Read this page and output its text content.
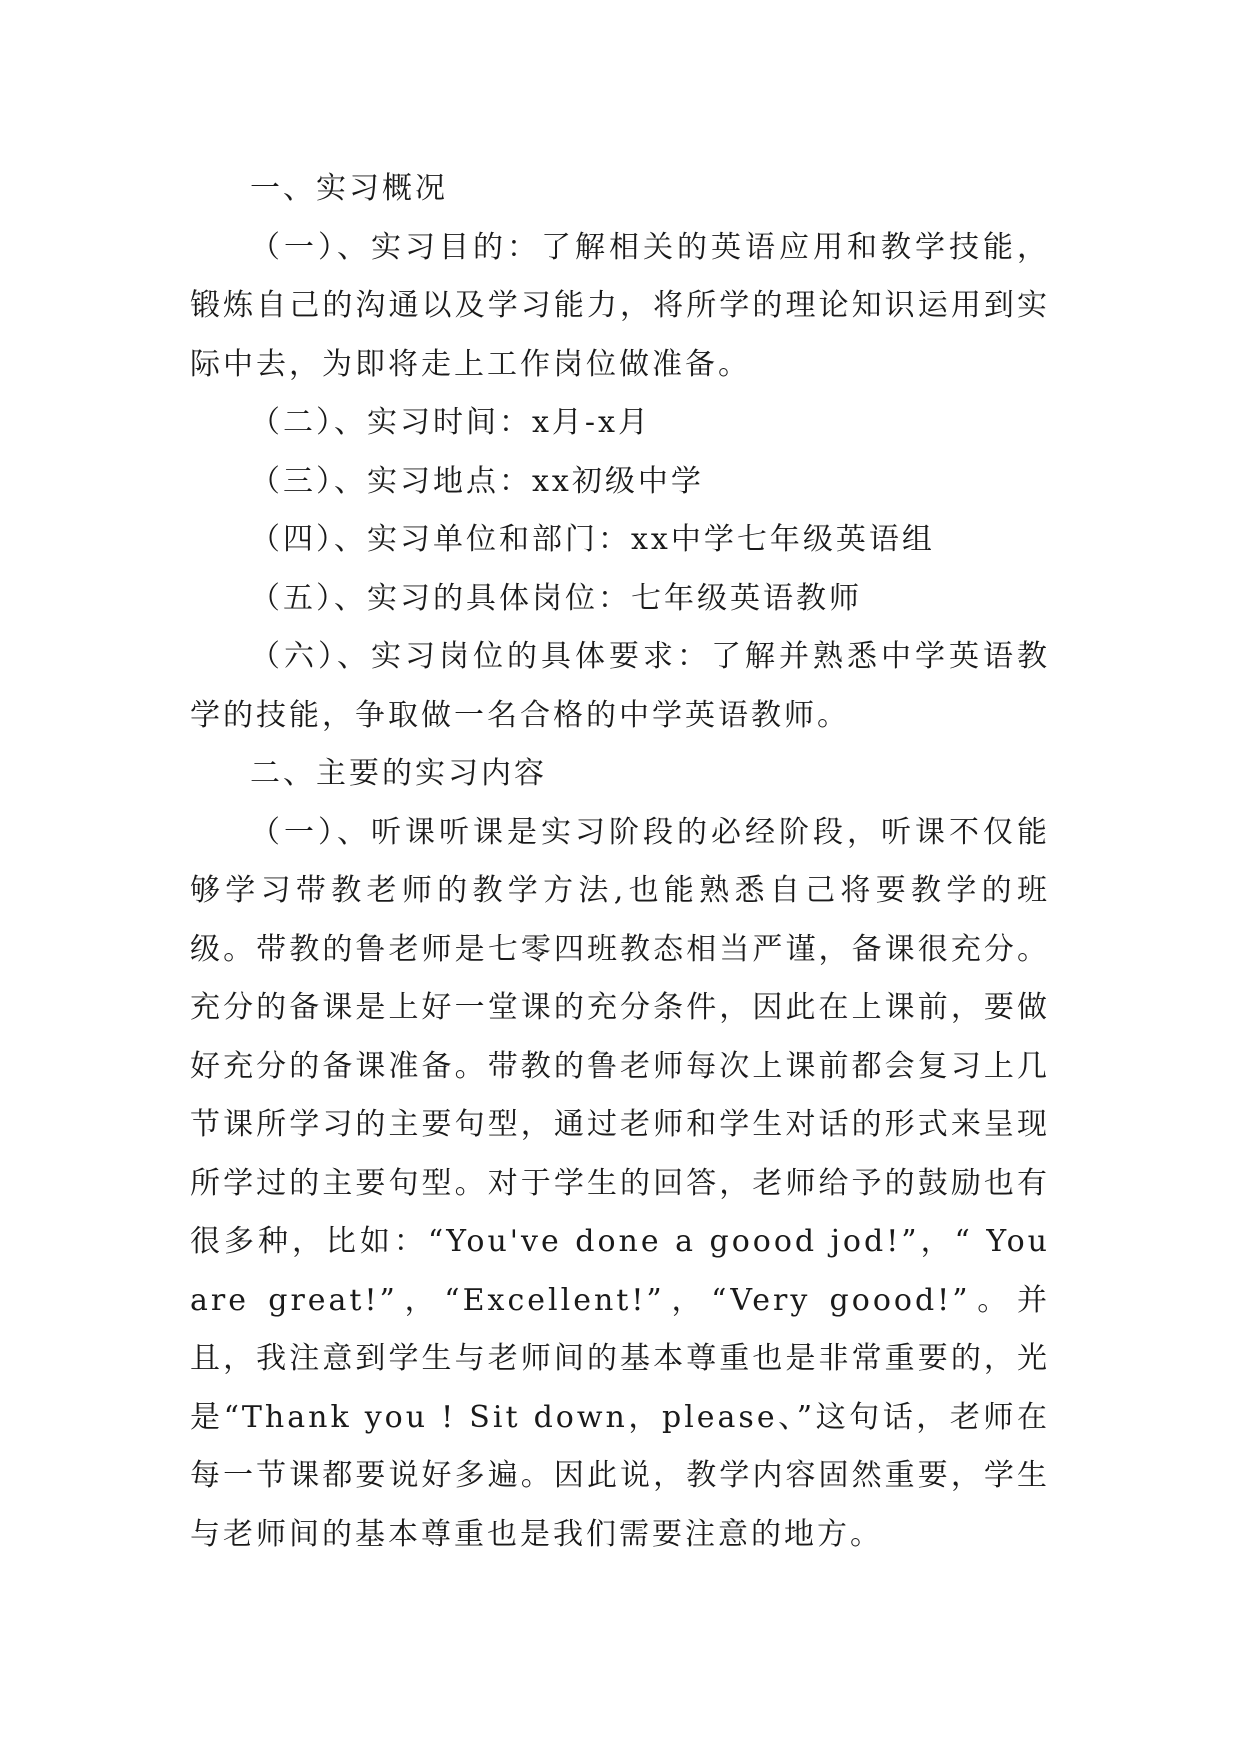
一、实习概况

（一）、实习目的：了解相关的英语应用和教学技能，锻炼自己的沟通以及学习能力，将所学的理论知识运用到实际中去，为即将走上工作岗位做准备。

（二）、实习时间：x月-x月

（三）、实习地点：xx初级中学

（四）、实习单位和部门：xx中学七年级英语组

（五）、实习的具体岗位：七年级英语教师

（六）、实习岗位的具体要求：了解并熟悉中学英语教学的技能，争取做一名合格的中学英语教师。

二、主要的实习内容

（一）、听课听课是实习阶段的必经阶段，听课不仅能够学习带教老师的教学方法,也能熟悉自己将要教学的班级。带教的鲁老师是七零四班教态相当严谨，备课很充分。充分的备课是上好一堂课的充分条件，因此在上课前，要做好充分的备课准备。带教的鲁老师每次上课前都会复习上几节课所学习的主要句型，通过老师和学生对话的形式来呈现所学过的主要句型。对于学生的回答，老师给予的鼓励也有很多种，比如：“You've done a goood jod!”，“ You are great!”，“Excellent!”，“Very goood!”。并且，我注意到学生与老师间的基本尊重也是非常重要的，光是“Thank you ! Sit down，please、”这句话，老师在每一节课都要说好多遍。因此说，教学内容固然重要，学生与老师间的基本尊重也是我们需要注意的地方。
